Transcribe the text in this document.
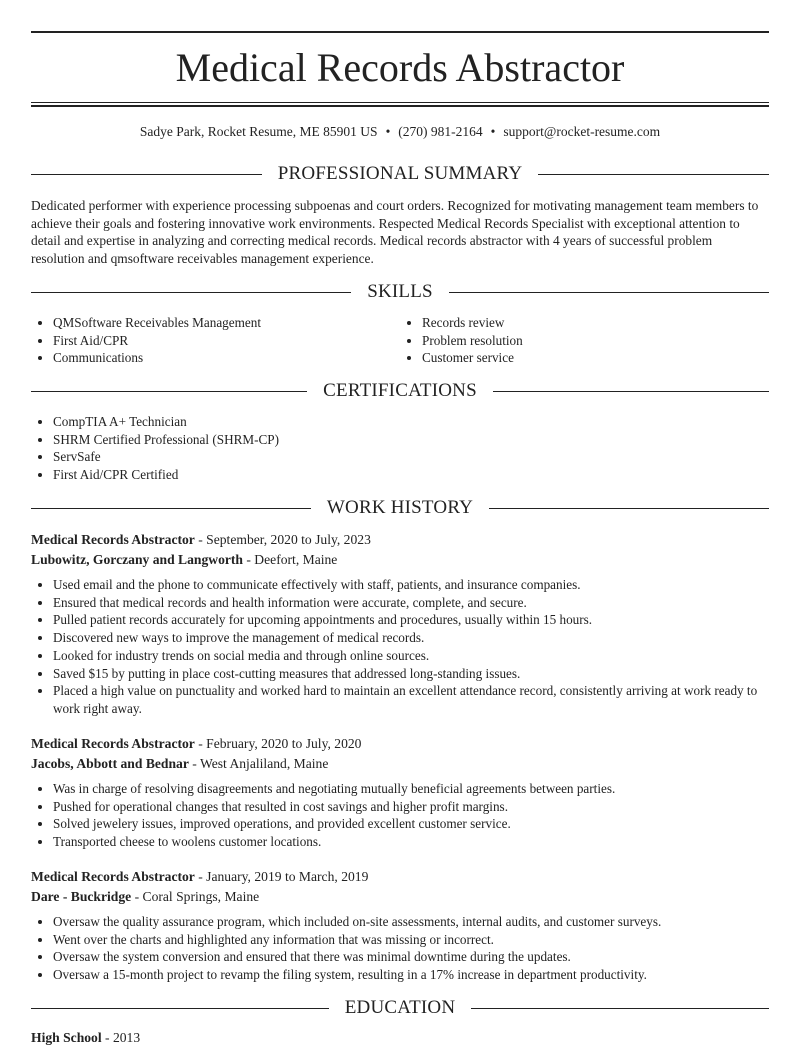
Medical Records Abstractor
Sadye Park, Rocket Resume, ME 85901 US • (270) 981-2164 • support@rocket-resume.com
PROFESSIONAL SUMMARY

Dedicated performer with experience processing subpoenas and court orders. Recognized for motivating management team members to achieve their goals and fostering innovative work environments. Respected Medical Records Specialist with exceptional attention to detail and expertise in analyzing and correcting medical records. Medical records abstractor with 4 years of successful problem resolution and qmsoftware receivables management experience.

SKILLS
• QMSoftware Receivables Management
• First Aid/CPR
• Communications
• Records review
• Problem resolution
• Customer service
CERTIFICATIONS
• CompTIA A+ Technician
• SHRM Certified Professional (SHRM-CP)
• ServSafe
• First Aid/CPR Certified
WORK HISTORY
Medical Records Abstractor - September, 2020 to July, 2023
Lubowitz, Gorczany and Langworth - Deefort, Maine
• Used email and the phone to communicate effectively with staff, patients, and insurance companies.
• Ensured that medical records and health information were accurate, complete, and secure.
• Pulled patient records accurately for upcoming appointments and procedures, usually within 15 hours.
• Discovered new ways to improve the management of medical records.
• Looked for industry trends on social media and through online sources.
• Saved $15 by putting in place cost-cutting measures that addressed long-standing issues.
• Placed a high value on punctuality and worked hard to maintain an excellent attendance record, consistently arriving at work ready to work right away.
Medical Records Abstractor - February, 2020 to July, 2020
Jacobs, Abbott and Bednar - West Anjaliland, Maine
• Was in charge of resolving disagreements and negotiating mutually beneficial agreements between parties.
• Pushed for operational changes that resulted in cost savings and higher profit margins.
• Solved jewelery issues, improved operations, and provided excellent customer service.
• Transported cheese to woolens customer locations.
Medical Records Abstractor - January, 2019 to March, 2019
Dare - Buckridge - Coral Springs, Maine
• Oversaw the quality assurance program, which included on-site assessments, internal audits, and customer surveys.
• Went over the charts and highlighted any information that was missing or incorrect.
• Oversaw the system conversion and ensured that there was minimal downtime during the updates.
• Oversaw a 15-month project to revamp the filing system, resulting in a 17% increase in department productivity.
EDUCATION
High School - 2013
